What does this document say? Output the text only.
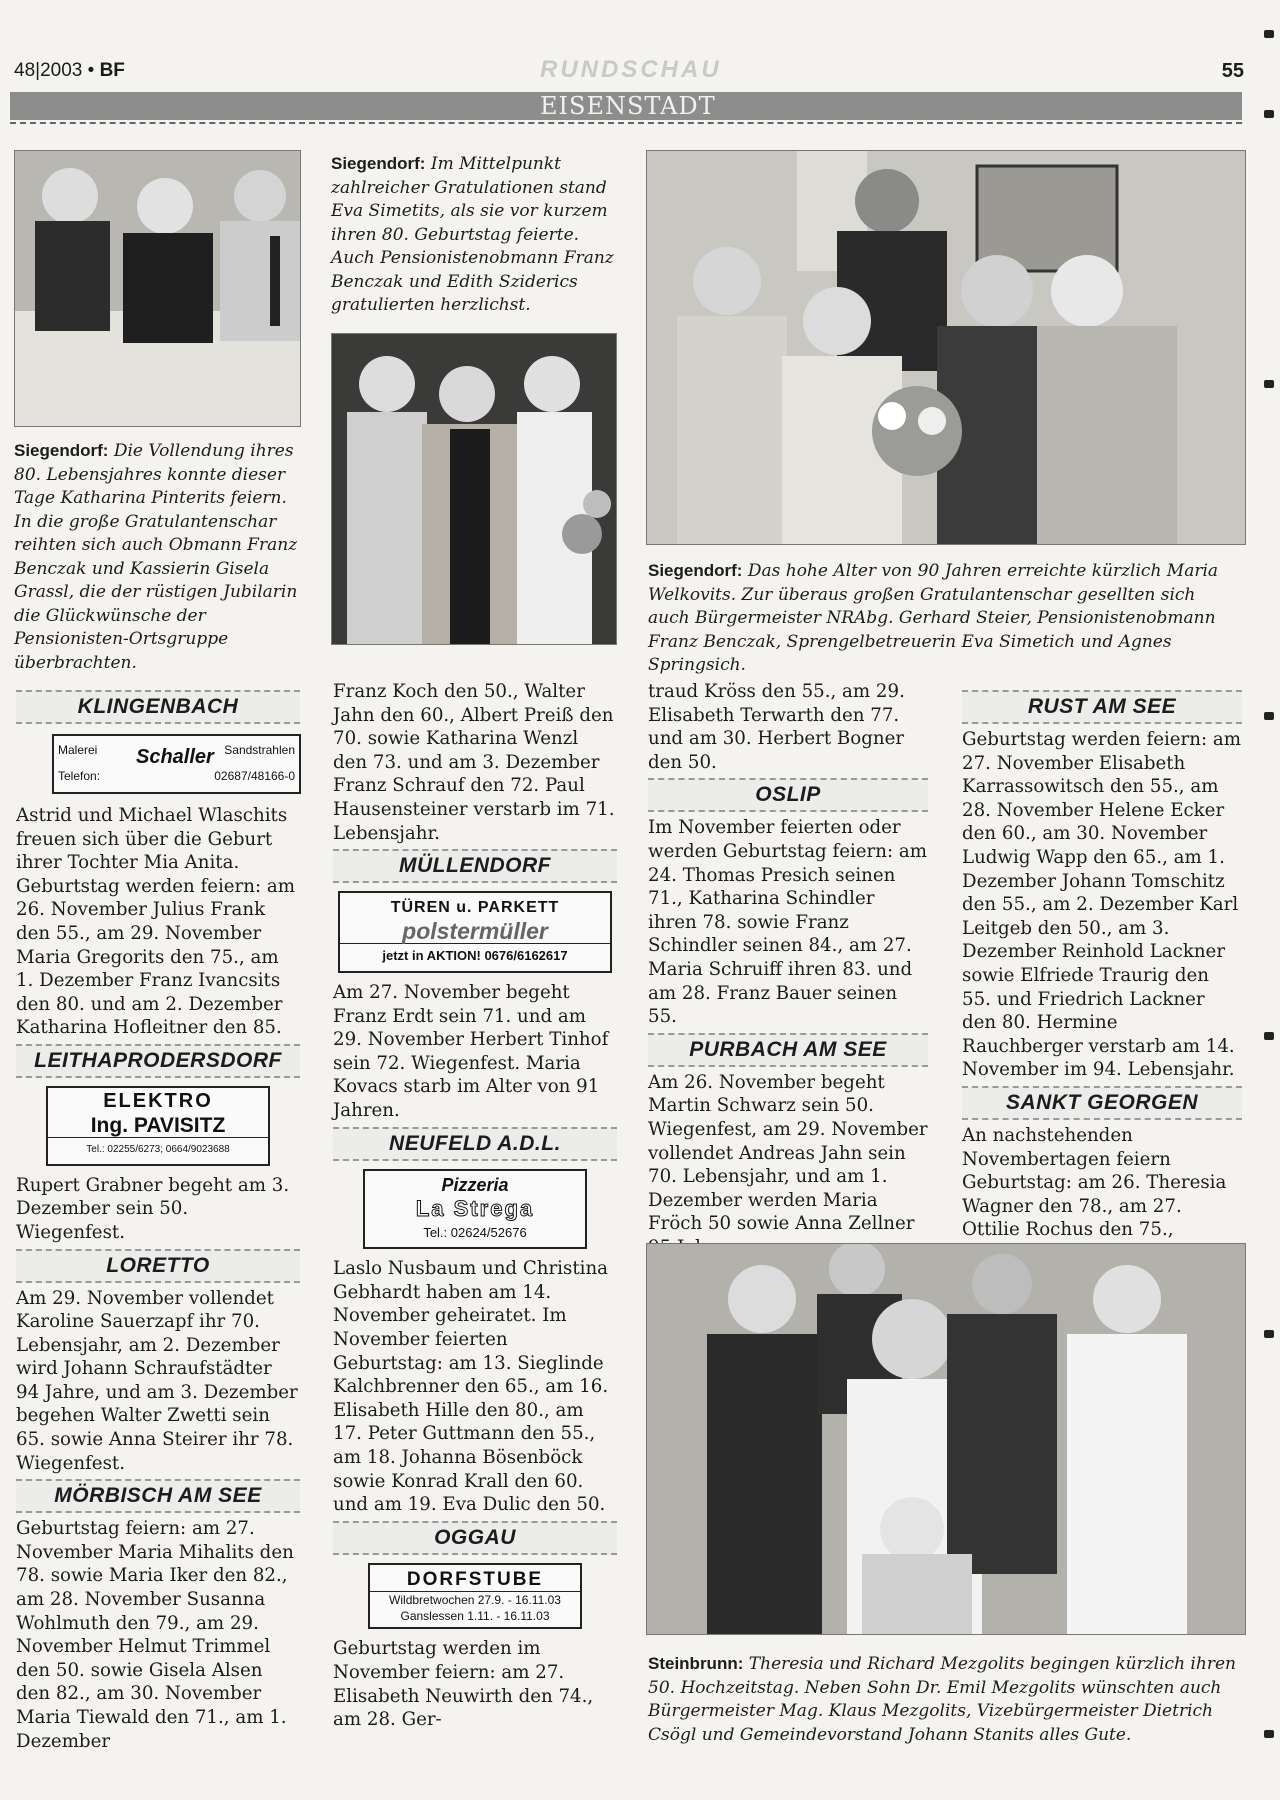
48|2003 • BF	RUNDSCHAU	55
EISENSTADT
Siegendorf: Die Vollendung ihres 80. Lebensjahres konnte dieser Tage Katharina Pinterits feiern. In die große Gratulantenschar reihten sich auch Obmann Franz Benczak und Kassierin Gisela Grassl, die der rüstigen Jubilarin die Glückwünsche der Pensionisten-Ortsgruppe überbrachten.
Siegendorf: Im Mittelpunkt zahlreicher Gratulationen stand Eva Simetits, als sie vor kurzem ihren 80. Geburtstag feierte. Auch Pensionistenobmann Franz Benczak und Edith Sziderics gratulierten herzlichst.
Siegendorf: Das hohe Alter von 90 Jahren erreichte kürzlich Maria Welkovits. Zur überaus großen Gratulantenschar gesellten sich auch Bürgermeister NRAbg. Gerhard Steier, Pensionistenobmann Franz Benczak, Sprengelbetreuerin Eva Simetich und Agnes Springsich.
KLINGENBACH
Malerei	Sandstrahlen
Schaller
Telefon:	02687/48166-0

Astrid und Michael Wlaschits freuen sich über die Geburt ihrer Tochter Mia Anita. Geburtstag werden feiern: am 26. November Julius Frank den 55., am 29. November Maria Gregorits den 75., am 1. Dezember Franz Ivancsits den 80. und am 2. Dezember Katharina Hofleitner den 85.

LEITHAPRODERSDORF
ELEKTRO
Ing. PAVISITZ
Tel.: 02255/6273; 0664/9023688

Rupert Grabner begeht am 3. Dezember sein 50. Wiegenfest.

LORETTO

Am 29. November vollendet Karoline Sauerzapf ihr 70. Lebensjahr, am 2. Dezember wird Johann Schraufstädter 94 Jahre, und am 3. Dezember begehen Walter Zwetti sein 65. sowie Anna Steirer ihr 78. Wiegenfest.

MÖRBISCH AM SEE

Geburtstag feiern: am 27. November Maria Mihalits den 78. sowie Maria Iker den 82., am 28. November Susanna Wohlmuth den 79., am 29. November Helmut Trimmel den 50. sowie Gisela Alsen den 82., am 30. November Maria Tiewald den 71., am 1. Dezember

Franz Koch den 50., Walter Jahn den 60., Albert Preiß den 70. sowie Katharina Wenzl den 73. und am 3. Dezember Franz Schrauf den 72. Paul Hausensteiner verstarb im 71. Lebensjahr.

MÜLLENDORF
TÜREN u. PARKETT
polstermüller
jetzt in AKTION! 0676/6162617

Am 27. November begeht Franz Erdt sein 71. und am 29. November Herbert Tinhof sein 72. Wiegenfest. Maria Kovacs starb im Alter von 91 Jahren.

NEUFELD A.D.L.
Pizzeria
La Strega
Tel.: 02624/52676

Laslo Nusbaum und Christina Gebhardt haben am 14. November geheiratet. Im November feierten Geburtstag: am 13. Sieglinde Kalchbrenner den 65., am 16. Elisabeth Hille den 80., am 17. Peter Guttmann den 55., am 18. Johanna Bösenböck sowie Konrad Krall den 60. und am 19. Eva Dulic den 50.

OGGAU
DORFSTUBE
Wildbretwochen 27.9. - 16.11.03
Ganslessen 1.11. - 16.11.03

Geburtstag werden im November feiern: am 27. Elisabeth Neuwirth den 74., am 28. Ger-

traud Kröss den 55., am 29. Elisabeth Terwarth den 77. und am 30. Herbert Bogner den 50.

OSLIP

Im November feierten oder werden Geburtstag feiern: am 24. Thomas Presich seinen 71., Katharina Schindler ihren 78. sowie Franz Schindler seinen 84., am 27. Maria Schruiff ihren 83. und am 28. Franz Bauer seinen 55.

PURBACH AM SEE

Am 26. November begeht Martin Schwarz sein 50. Wiegenfest, am 29. November vollendet Andreas Jahn sein 70. Lebensjahr, und am 1. Dezember werden Maria Fröch 50 sowie Anna Zellner

RUST AM SEE

Geburtstag werden feiern: am 27. November Elisabeth Karrassowitsch den 55., am 28. November Helene Ecker den 60., am 30. November Ludwig Wapp den 65., am 1. Dezember Johann Tomschitz den 55., am 2. Dezember Karl Leitgeb den 50., am 3. Dezember Reinhold Lackner sowie Elfriede Traurig den 55. und Friedrich Lackner den 80. Hermine Rauchberger verstarb am 14. November im 94. Lebensjahr.

SANKT GEORGEN

An nachstehenden Novembertagen feiern Geburtstag: am 26. Theresia Wagner den 78., am 27. Ottilie Rochus den 75.,

Steinbrunn: Theresia und Richard Mezgolits begingen kürzlich ihren 50. Hochzeitstag. Neben Sohn Dr. Emil Mezgolits wünschten auch Bürgermeister Mag. Klaus Mezgolits, Vizebürgermeister Dietrich Csögl und Gemeindevorstand Johann Stanits alles Gute.
